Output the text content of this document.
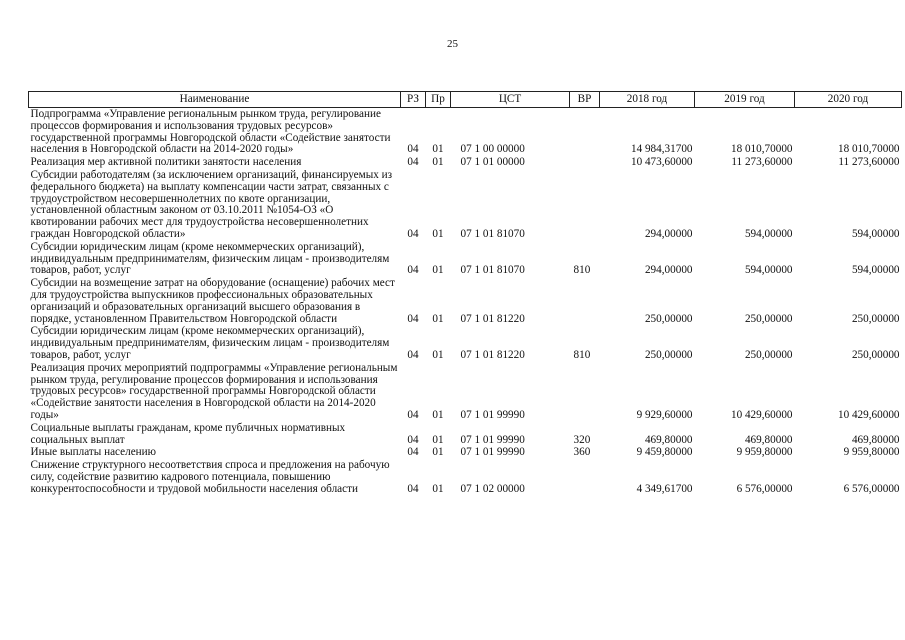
25
Наименование	РЗ	Пр	ЦСТ	ВР	2018 год	2019 год	2020 год
Подпрограмма «Управление региональным рынком труда, регулирование процессов формирования и использования трудовых ресурсов» государственной программы Новгородской области «Содействие занятости населения в Новгородской области на 2014-2020 годы»	04	01	07 1 00 00000		14 984,31700	18 010,70000	18 010,70000
Реализация мер активной политики занятости населения	04	01	07 1 01 00000		10 473,60000	11 273,60000	11 273,60000
Субсидии работодателям (за исключением организаций, финансируемых из федерального бюджета) на выплату компенсации части затрат, связанных с трудоустройством несовершеннолетних по квоте организации, установленной областным законом от 03.10.2011 №1054-ОЗ «О квотировании рабочих мест для трудоустройства несовершеннолетних граждан Новгородской области»	04	01	07 1 01 81070		294,00000	594,00000	594,00000
Субсидии юридическим лицам (кроме некоммерческих организаций), индивидуальным предпринимателям, физическим лицам - производителям товаров, работ, услуг	04	01	07 1 01 81070	810	294,00000	594,00000	594,00000
Субсидии на возмещение затрат на оборудование (оснащение) рабочих мест для трудоустройства выпускников профессиональных образовательных организаций и образовательных организаций высшего образования в порядке, установленном Правительством Новгородской области	04	01	07 1 01 81220		250,00000	250,00000	250,00000
Субсидии юридическим лицам (кроме некоммерческих организаций), индивидуальным предпринимателям, физическим лицам - производителям товаров, работ, услуг	04	01	07 1 01 81220	810	250,00000	250,00000	250,00000
Реализация прочих мероприятий подпрограммы «Управление региональным рынком труда, регулирование процессов формирования и использования трудовых ресурсов» государственной программы Новгородской области «Содействие занятости населения в Новгородской области на 2014-2020 годы»	04	01	07 1 01 99990		9 929,60000	10 429,60000	10 429,60000
Социальные выплаты гражданам, кроме публичных нормативных социальных выплат	04	01	07 1 01 99990	320	469,80000	469,80000	469,80000
Иные выплаты населению	04	01	07 1 01 99990	360	9 459,80000	9 959,80000	9 959,80000
Снижение структурного несоответствия спроса и предложения на рабочую силу, содействие развитию кадрового потенциала, повышению конкурентоспособности и трудовой мобильности населения области	04	01	07 1 02 00000		4 349,61700	6 576,00000	6 576,00000
